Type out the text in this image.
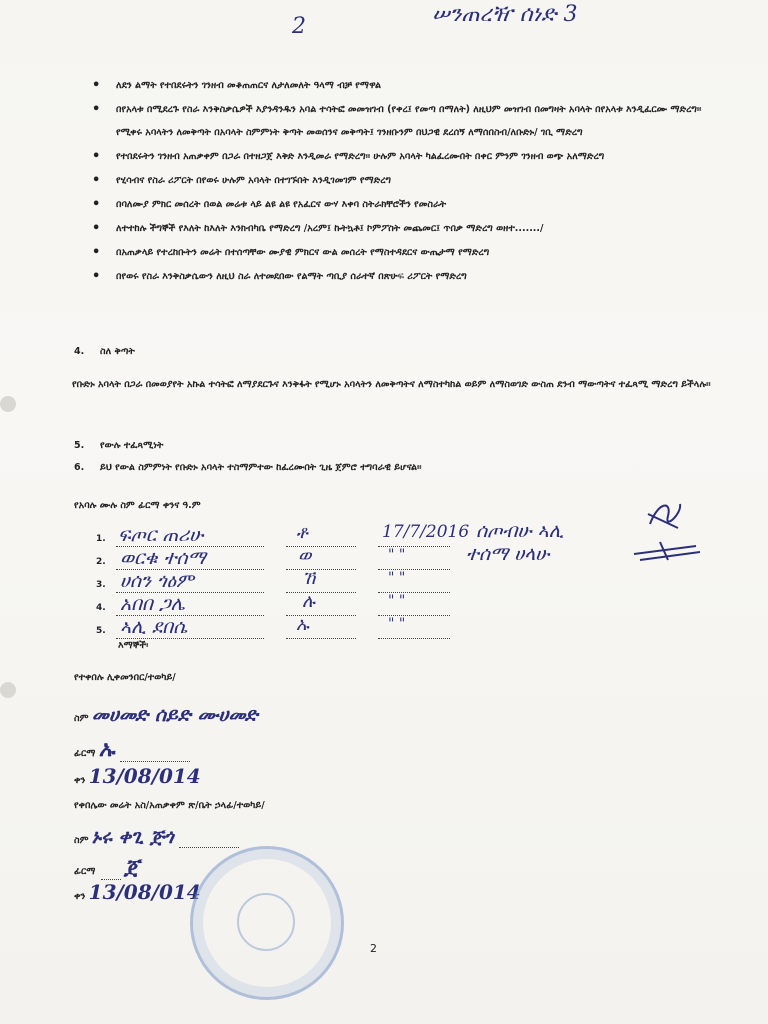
2	ሠንጠረዥ ሰነድ 3
• ለደን ልማት የተበደሩትን ገንዘብ መቆጠጠርና ለታለመለት ዓላማ ብቻ የማዋል
• በየአላቱ በሚደረጉ የስራ እንቅስቃሴዎች እያንዳንዱን አባል ተሳትፎ መመዝገብ (የቀረ፤ የመጣ በማለት) ለዚህም መዝገብ በመግዛት አባላት በየአላቱ እንዲፈርሙ ማድረግ፡፡ የሚቀሩ አባላትን ለመቅጣት በአባላት ስምምነት ቅጣት መወሰንና መቅጣት፤ ገንዘቡንም በህጋዊ ደረሰኝ ለማሰበስብ/ለቡድኑ/ ገቢ ማድረግ
• የተበደሩትን ገንዘብ አጠቃቀም በጋራ በተዘጋጀ እቅድ እንዲመራ የማድረግ፡፡ ሁሉም አባላት ካልፈረሙበት በቀር ምንም ገንዘብ ወጭ አለማድረግ
• የሂሳብና የስራ ሪፖርት በየወሩ ሁሉም አባላት በተገኙበት እንዲገመገም የማድረግ
• በባለሙያ ምክር መሰረት በወል መሬቱ ላይ ልዩ ልዩ የአፈርና ውሃ እቀባ ስትራክቸሮችን የመስራት
• ለተተከሉ ችግኞች የእለት ከእለት እንክብካቤ የማድረግ /አረም፤ ኩትኳቶ፤ ኮምፖስት መጨመር፤ ጥበቃ ማድረግ ወዘተ......./
• በአጠቃላይ የተረከቡትን መሬት በተሰጣቸው ሙያዊ ምክርና ውል መሰረት የማስተዳደርና ውጤታማ የማድረግ
• በየወሩ የስራ እንቅስቃሴውን ለዚህ ስራ ለተመደበው የልማት ጣቢያ ሰራተኛ በጽሁፍ ሪፖርት የማድረግ
4. ስለ ቅጣት
የቡድኑ አባላት በጋራ በመወያየት አኩል ተሳትፎ ለማያደርጉና እንቅፋት የሚሆኑ አባላትን ለመቅጣትና ለማስተካከል ወይም ለማስወገድ ውስጠ ደንብ ማውጣትና ተፈጻሚ ማድረግ ይችላሉ፡፡
5. የውሉ ተፈጻሚነት
6. ይህ የውል ስምምነት የቡድኑ አባላት ተስማምተው ከፈረሙበት ጊዜ ጀምሮ ተግባራዊ ይሆናል፡፡
የአባሉ ሙሉ ስም ፊርማ ቀንና ዓ.ም
1. ፍጦር ጠሪሁ	ቶ	17/7/2016 ሰጦብሁ ኣሊ
2. ወርቁ ተሰማ	ወ	" "	ተሰማ ሀላሁ
3. ሀሰን ጎዕም	ኸ	" "
4. አበበ ጋሌ	ሉ	" "
5. ኣሊ ደበሴ	ኡ	" "
እማኞች፡
የተቀበሉ ሊቀመንበር/ተወካይ/
ስም መሀመድ ሰይድ ሙሀመድ
ፊርማ ኡ
ቀን 13/08/014
የቀበሌው መሬት አስ/አጠቃቀም ጽ/ቤት ኃላፊ/ተወካይ/
ስም ኑሩ ቀጊ ጅጎ
ፊርማ ጀ
ቀን 13/08/014
2
